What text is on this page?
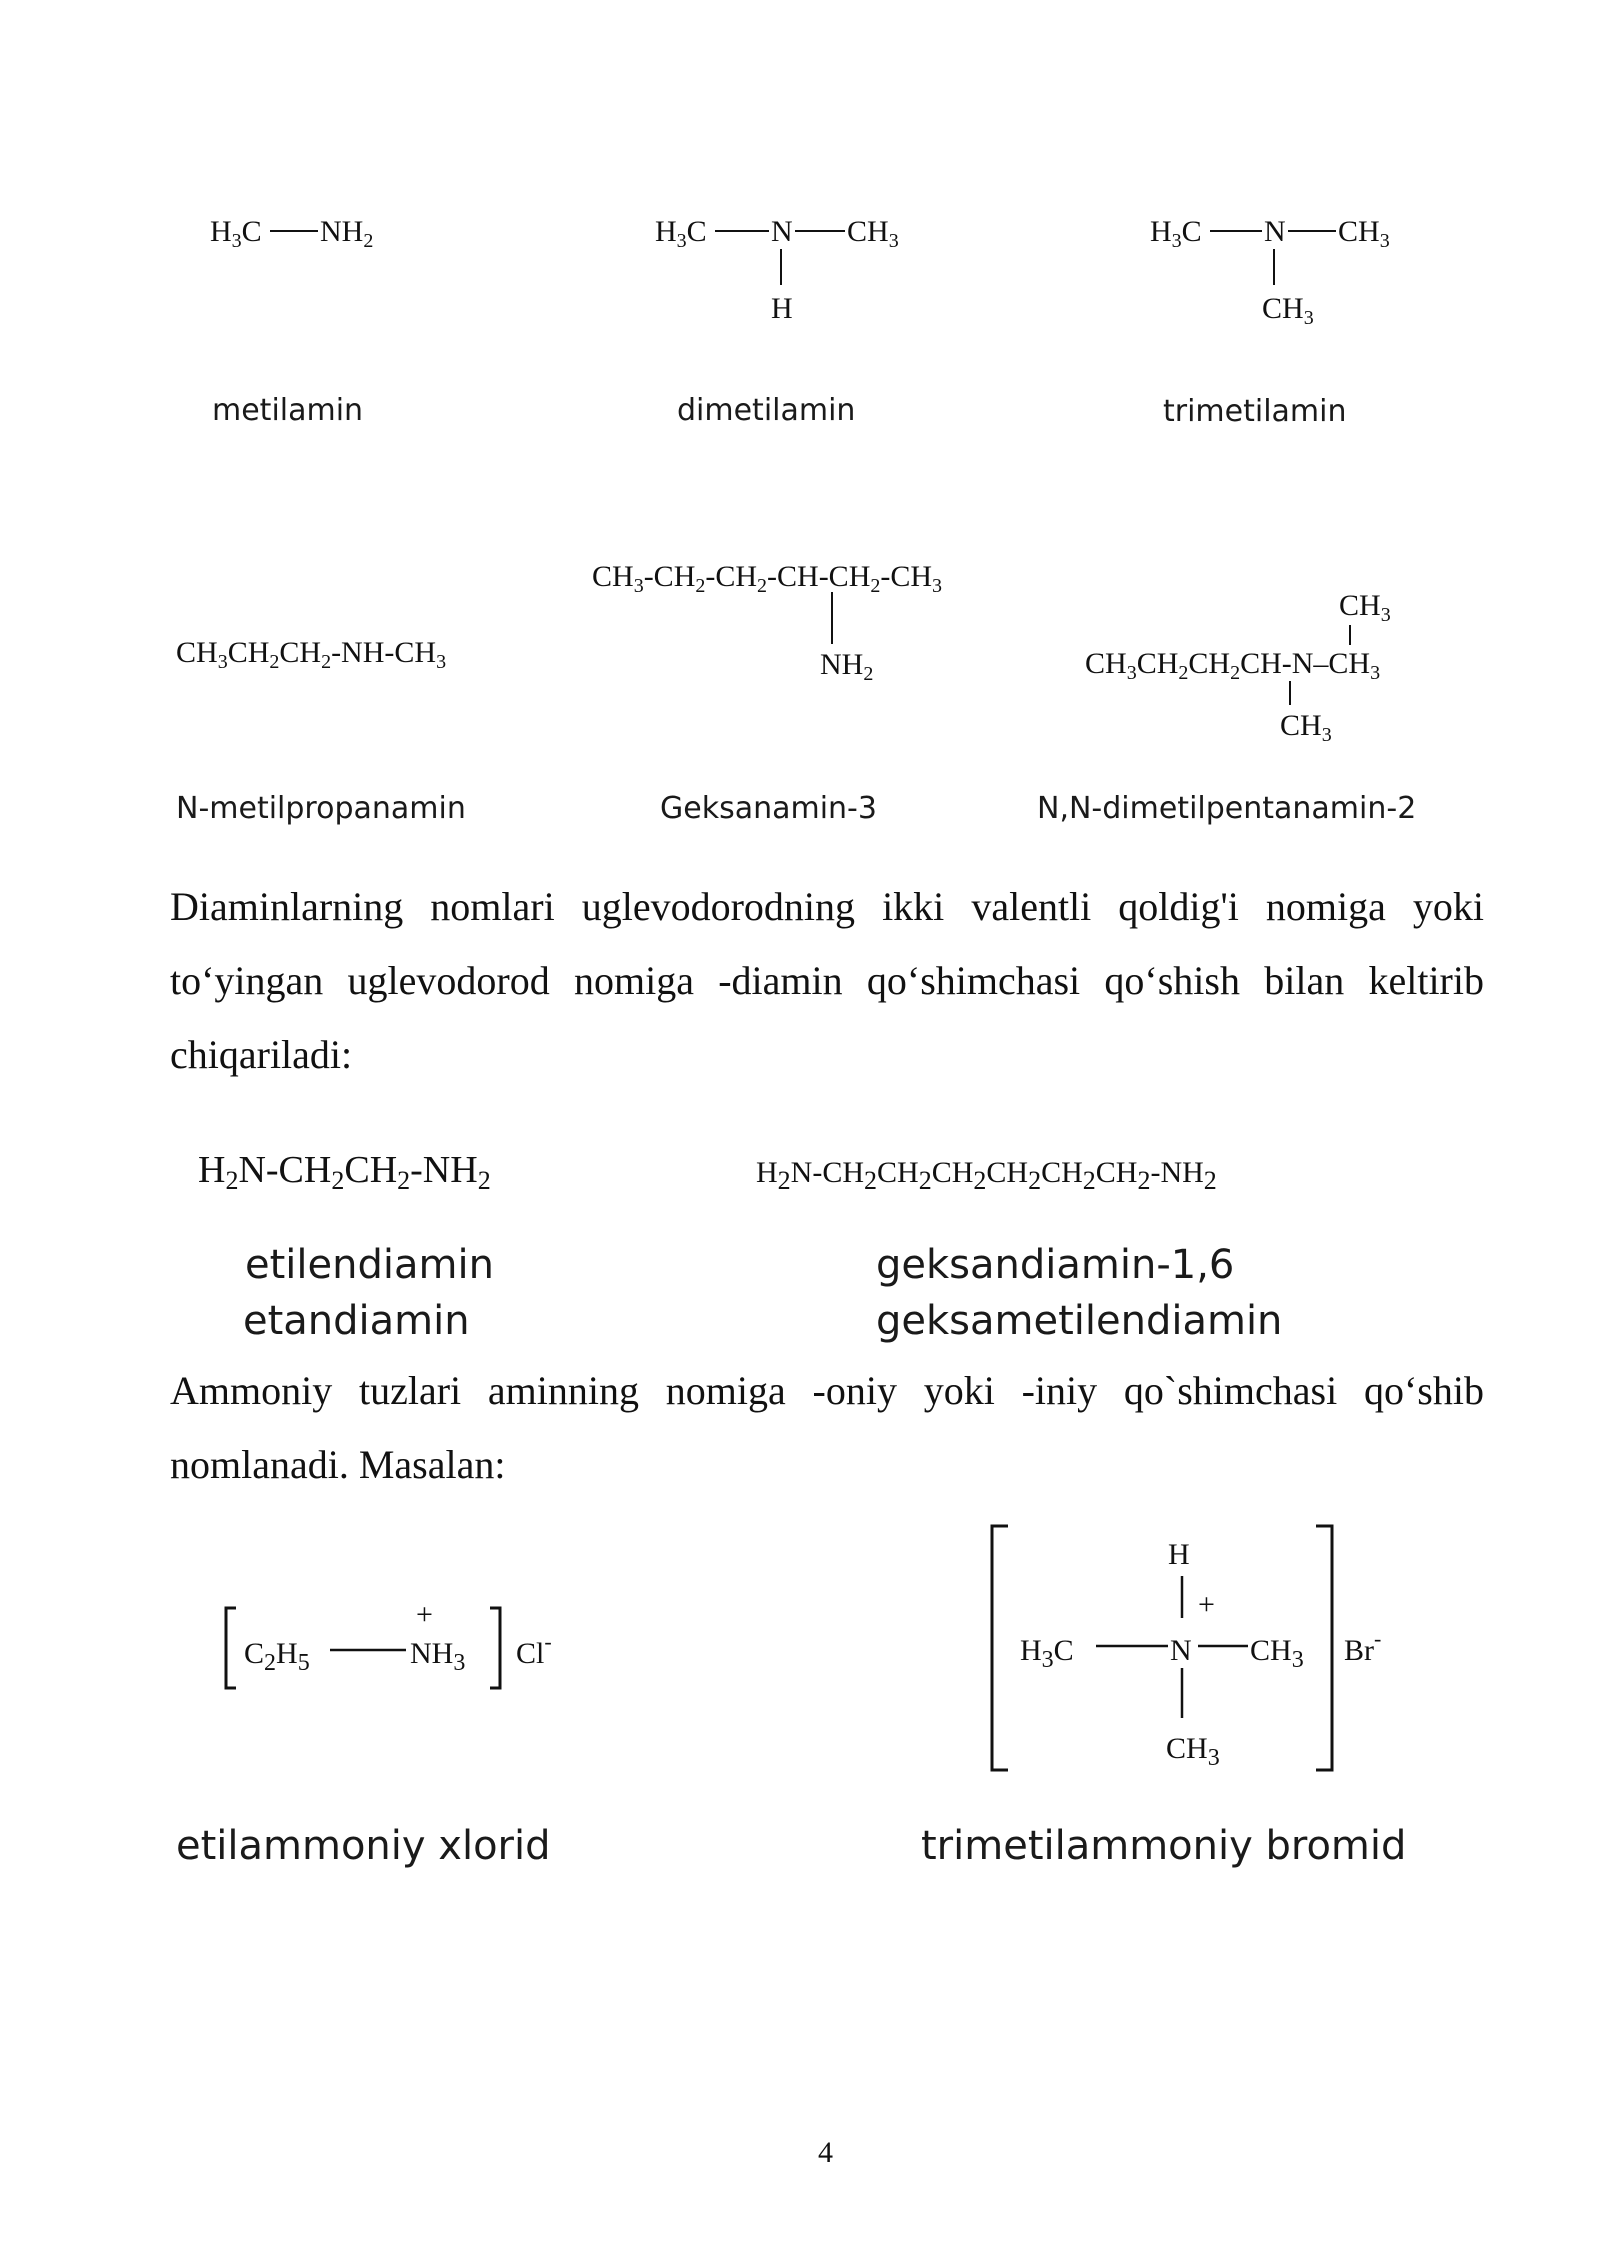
$H_3C$ $NH_2$
metilamin
$H_3C$ N $CH_3$
H
dimetilamin
$H_3C$ N $CH_3$
$CH_3$
trimetilamin
$CH_3CH_2CH_2-NH-CH_3$
N-metilpropanamin
$CH_3-CH_2-CH_2-CH-CH_2-CH_3$
$NH_2$
Geksanamin-3
$CH_3$
$CH_3CH_2CH_2CH-N-CH_3$
$CH_3$
N,N-dimetilpentanamin-2
Diaminlarning nomlari uglevodorodning ikki valentli qoldig'i nomiga yoki to‘yingan uglevodorod nomiga -diamin qo‘shimchasi qo‘shish bilan keltirib chiqariladi:
H2N-CH2CH2-NH2
etilendiamin
etandiamin
H2N-CH2CH2CH2CH2CH2CH2-NH2
geksandiamin-1,6
geksametilendiamin
Ammoniy tuzlari aminning nomiga -oniy yoki -iniy qo`shimchasi qo‘shib nomlanadi. Masalan:
$C_2H_5$
+
$NH_3$ Cl-
etilammoniy xlorid
H
+
$H_3C$	N $CH_3$
$CH_3$
Br-
trimetilammoniy bromid
4
